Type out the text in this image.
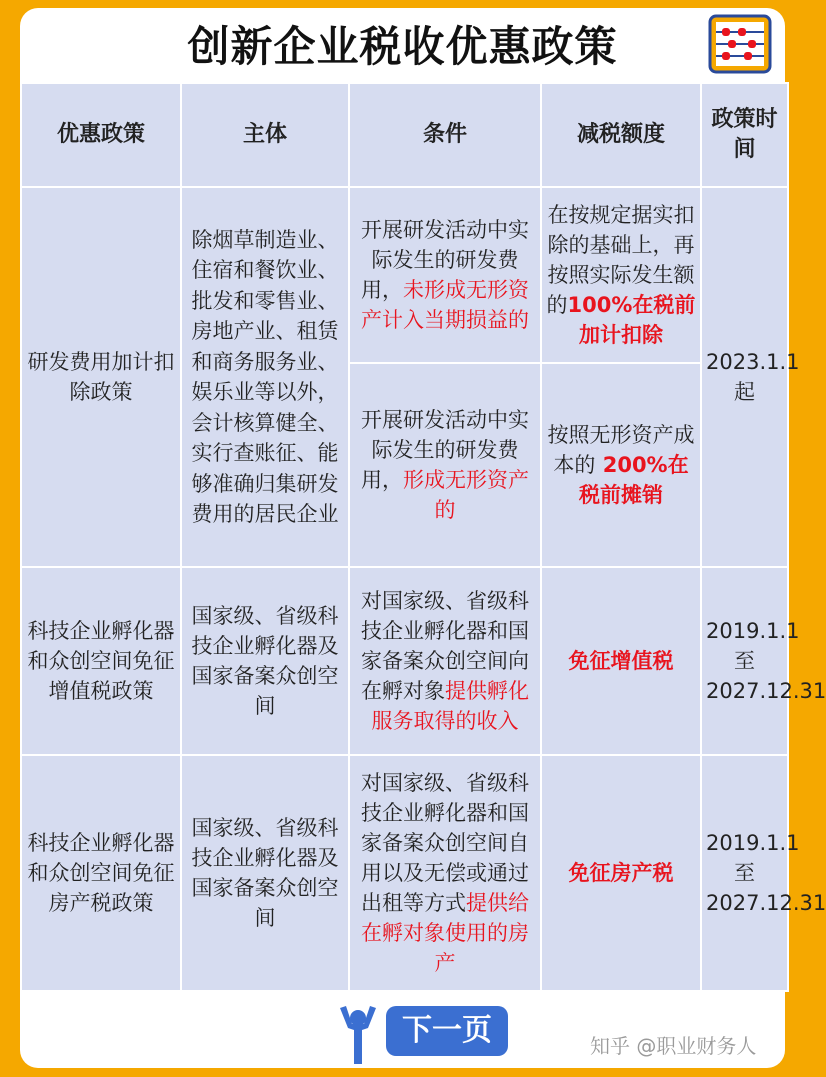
创新企业税收优惠政策
优惠政策	主体	条件	减税额度	政策时间
研发费用加计扣除政策	除烟草制造业、住宿和餐饮业、批发和零售业、房地产业、租赁和商务服务业、娱乐业等以外，会计核算健全、实行查账征、能够准确归集研发费用的居民企业	开展研发活动中实际发生的研发费用，未形成无形资产计入当期损益的	在按规定据实扣除的基础上，再按照实际发生额的100%在税前加计扣除	2023.1.1起
		开展研发活动中实际发生的研发费用，形成无形资产的	按照无形资产成本的 200%在税前摊销	
科技企业孵化器和众创空间免征增值税政策	国家级、省级科技企业孵化器及国家备案众创空间	对国家级、省级科技企业孵化器和国家备案众创空间向在孵对象提供孵化服务取得的收入	免征增值税	2019.1.1至2027.12.31
科技企业孵化器和众创空间免征房产税政策	国家级、省级科技企业孵化器及国家备案众创空间	对国家级、省级科技企业孵化器和国家备案众创空间自用以及无偿或通过出租等方式提供给在孵对象使用的房产	免征房产税	2019.1.1至2027.12.31
下一页	知乎 @职业财务人
